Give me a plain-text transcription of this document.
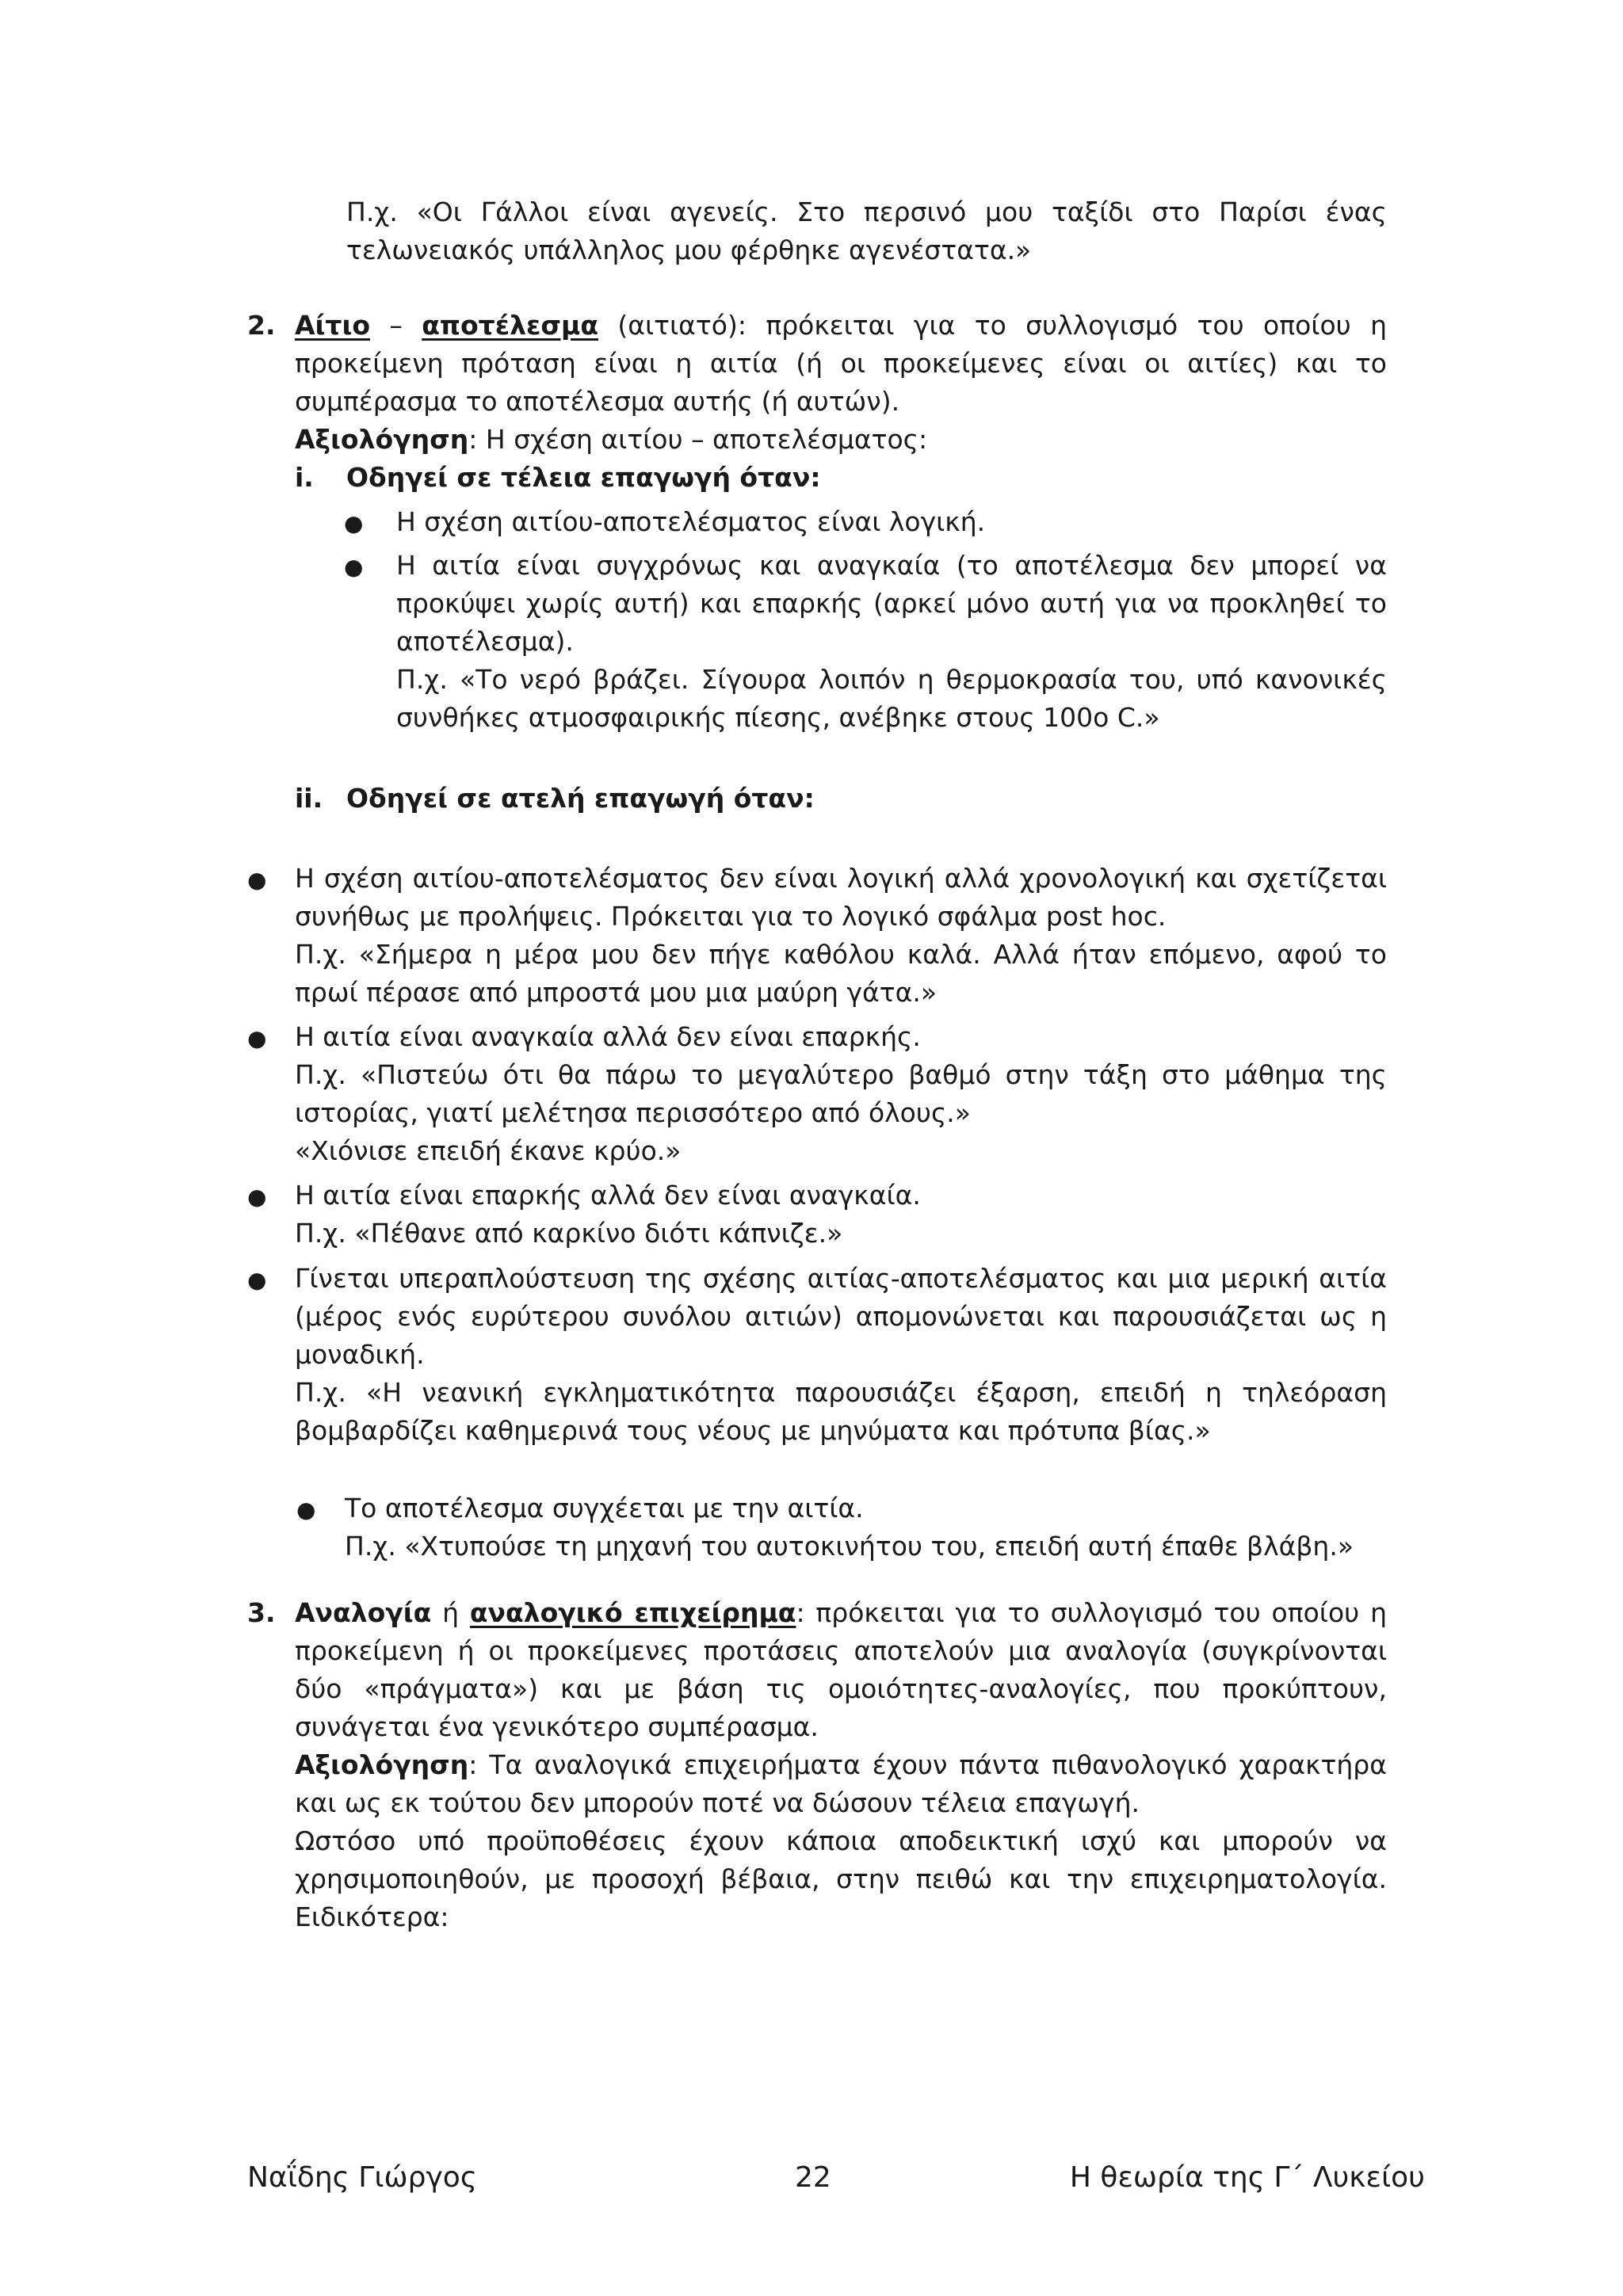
Π.χ. «Οι Γάλλοι είναι αγενείς. Στο περσινό μου ταξίδι στο Παρίσι ένας
τελωνειακός υπάλληλος μου φέρθηκε αγενέστατα.»
2. Αίτιο – αποτέλεσμα (αιτιατό): πρόκειται για το συλλογισμό του οποίου η
προκείμενη πρόταση είναι η αιτία (ή οι προκείμενες είναι οι αιτίες) και το
συμπέρασμα το αποτέλεσμα αυτής (ή αυτών).
Αξιολόγηση: Η σχέση αιτίου – αποτελέσματος:
i. Οδηγεί σε τέλεια επαγωγή όταν:
● Η σχέση αιτίου-αποτελέσματος είναι λογική.
● Η αιτία είναι συγχρόνως και αναγκαία (το αποτέλεσμα δεν μπορεί να
προκύψει χωρίς αυτή) και επαρκής (αρκεί μόνο αυτή για να προκληθεί το
αποτέλεσμα).
Π.χ. «Το νερό βράζει. Σίγουρα λοιπόν η θερμοκρασία του, υπό κανονικές
συνθήκες ατμοσφαιρικής πίεσης, ανέβηκε στους 100ο C.»
ii. Οδηγεί σε ατελή επαγωγή όταν:
● Η σχέση αιτίου-αποτελέσματος δεν είναι λογική αλλά χρονολογική και σχετίζεται
συνήθως με προλήψεις. Πρόκειται για το λογικό σφάλμα post hoc.
Π.χ. «Σήμερα η μέρα μου δεν πήγε καθόλου καλά. Αλλά ήταν επόμενο, αφού το
πρωί πέρασε από μπροστά μου μια μαύρη γάτα.»
● Η αιτία είναι αναγκαία αλλά δεν είναι επαρκής.
Π.χ. «Πιστεύω ότι θα πάρω το μεγαλύτερο βαθμό στην τάξη στο μάθημα της
ιστορίας, γιατί μελέτησα περισσότερο από όλους.»
«Χιόνισε επειδή έκανε κρύο.»
● Η αιτία είναι επαρκής αλλά δεν είναι αναγκαία.
Π.χ. «Πέθανε από καρκίνο διότι κάπνιζε.»
● Γίνεται υπεραπλούστευση της σχέσης αιτίας-αποτελέσματος και μια μερική αιτία
(μέρος ενός ευρύτερου συνόλου αιτιών) απομονώνεται και παρουσιάζεται ως η
μοναδική.
Π.χ. «Η νεανική εγκληματικότητα παρουσιάζει έξαρση, επειδή η τηλεόραση
βομβαρδίζει καθημερινά τους νέους με μηνύματα και πρότυπα βίας.»
● Το αποτέλεσμα συγχέεται με την αιτία.
Π.χ. «Χτυπούσε τη μηχανή του αυτοκινήτου του, επειδή αυτή έπαθε βλάβη.»
3. Αναλογία ή αναλογικό επιχείρημα: πρόκειται για το συλλογισμό του οποίου η
προκείμενη ή οι προκείμενες προτάσεις αποτελούν μια αναλογία (συγκρίνονται
δύο «πράγματα») και με βάση τις ομοιότητες-αναλογίες, που προκύπτουν,
συνάγεται ένα γενικότερο συμπέρασμα.
Αξιολόγηση: Τα αναλογικά επιχειρήματα έχουν πάντα πιθανολογικό χαρακτήρα
και ως εκ τούτου δεν μπορούν ποτέ να δώσουν τέλεια επαγωγή.
Ωστόσο υπό προϋποθέσεις έχουν κάποια αποδεικτική ισχύ και μπορούν να
χρησιμοποιηθούν, με προσοχή βέβαια, στην πειθώ και την επιχειρηματολογία.
Ειδικότερα:
Ναΐδης Γιώργος	22	Η θεωρία της Γ΄ Λυκείου
